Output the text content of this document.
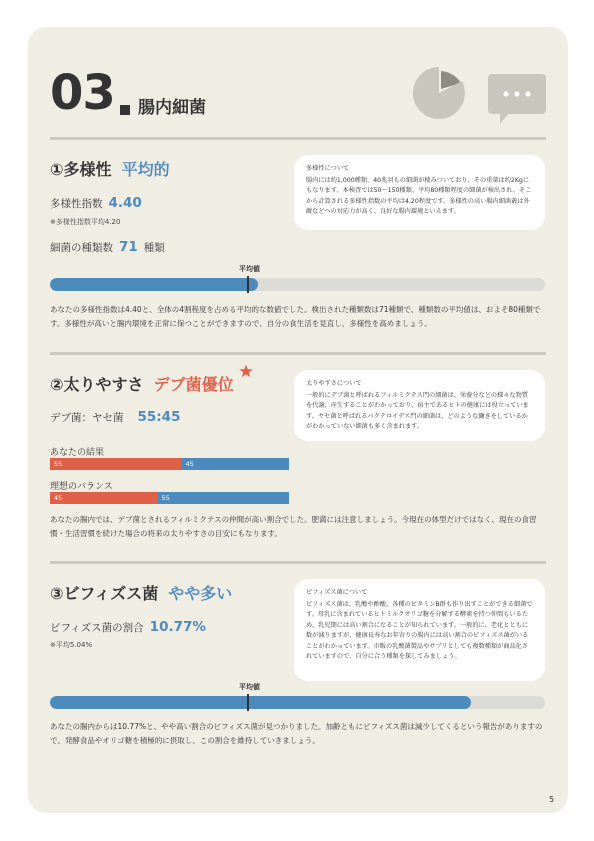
03 腸内細菌
①多様性 平均的
多様性指数 4.40
※多様性指数平均4.20
細菌の種類数 71 種類
多様性について
腸内には約1,000種類、40兆羽もの細菌が棲みついており、その重量は約2Kgにもなります。本検査では50〜150種類、平均80種類程度の細菌が検出され、そこから計算される多様性指数の平均は4.20程度です。多様性の高い腸内細菌叢は外敵などへの対応力が高く、良好な腸内環境といえます。
平均値
あなたの多様性指数は4.40と、全体の4割程度を占める平均的な数値でした。検出された種類数は71種類で、種類数の平均値は、およそ80種類です。多様性が高いと腸内環境を正常に保つことができますので、自分の食生活を見直し、多様性を高めましょう。
②太りやすさ デブ菌優位
デブ菌：ヤセ菌 55:45
太りやすさについて
一般的にデブ菌と呼ばれるフィルミクテス門の細菌は、栄養分などの様々な物質を代謝、産生することがわかっており、宿主であるヒトの健康には役立っています。ヤセ菌と呼ばれるバクテロイデス門の細菌は、どのような働きをしているかがわかっていない細菌も多く含まれます。
あなたの結果
55	45
理想のバランス
45	55
あなたの腸内では、デブ菌とされるフィルミクテスの仲間が高い割合でした。肥満には注意しましょう。今現在の体型だけではなく、現在の食習慣・生活習慣を続けた場合の将来の太りやすさの目安にもなります。
③ビフィズス菌 やや多い
ビフィズス菌の割合 10.77%
※平均5.04%
ビフィズス菌について
ビフィズス菌は、乳酸や酢酸、各種のビタミンB群も作り出すことができる細菌です。母乳に含まれているヒトミルクオリゴ糖を分解する酵素を持つ仲間もいるため、乳児期には高い割合になることが知られています。一般的に、老化とともに数が減りますが、健康長寿なお年寄りの腸内には高い割合のビフィズス菌がいることがわかっています。市販の乳酸菌製品やサプリとしても複数種類が商品化されていますので、自分に合う種類を探してみましょう。
平均値
あなたの腸内からは10.77%と、やや高い割合のビフィズス菌が見つかりました。加齢ともにビフィズス菌は減少してくるという報告がありますので、発酵食品やオリゴ糖を積極的に摂取し、この割合を維持していきましょう。
5
